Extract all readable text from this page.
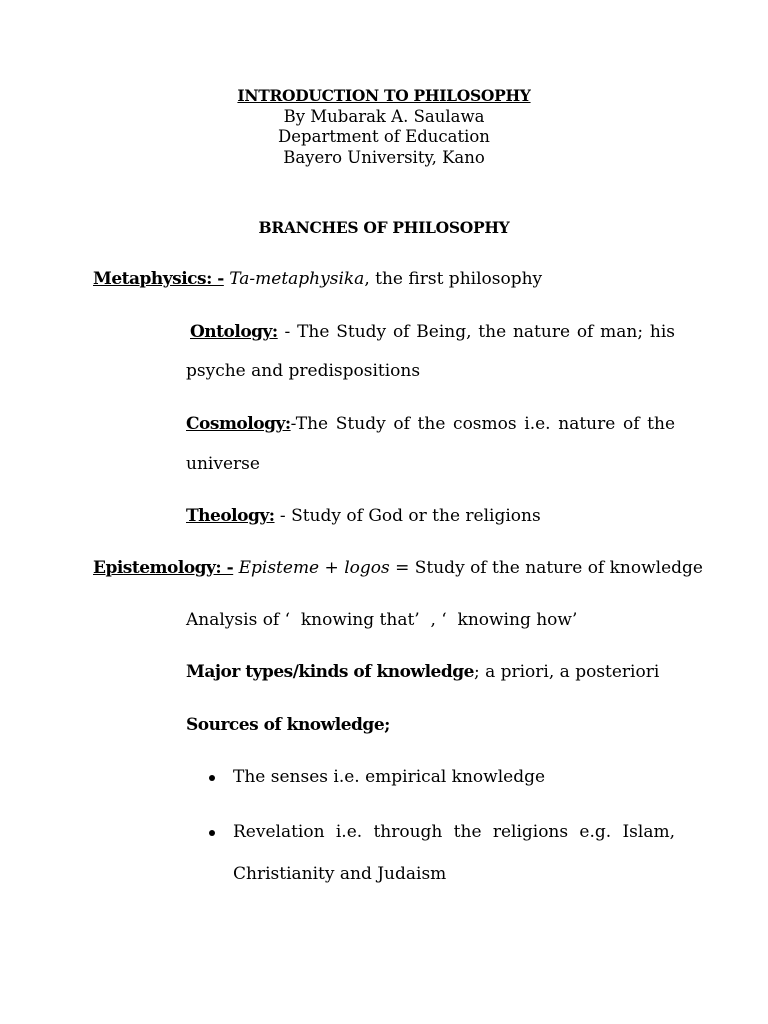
INTRODUCTION TO PHILOSOPHY
By Mubarak A. Saulawa
Department of Education
Bayero University, Kano
BRANCHES OF PHILOSOPHY
Metaphysics: - Ta-metaphysika, the first philosophy
Ontology: - The Study of Being, the nature of man; his
psyche and predispositions
Cosmology:-The Study of the cosmos i.e. nature of the
universe
Theology: - Study of God or the religions
Epistemology: - Episteme + logos = Study of the nature of knowledge
Analysis of ‘  knowing that’  , ‘  knowing how’
Major types/kinds of knowledge; a priori, a posteriori
Sources of knowledge;
The senses i.e. empirical knowledge
Revelation i.e. through the religions e.g. Islam,
Christianity and Judaism
